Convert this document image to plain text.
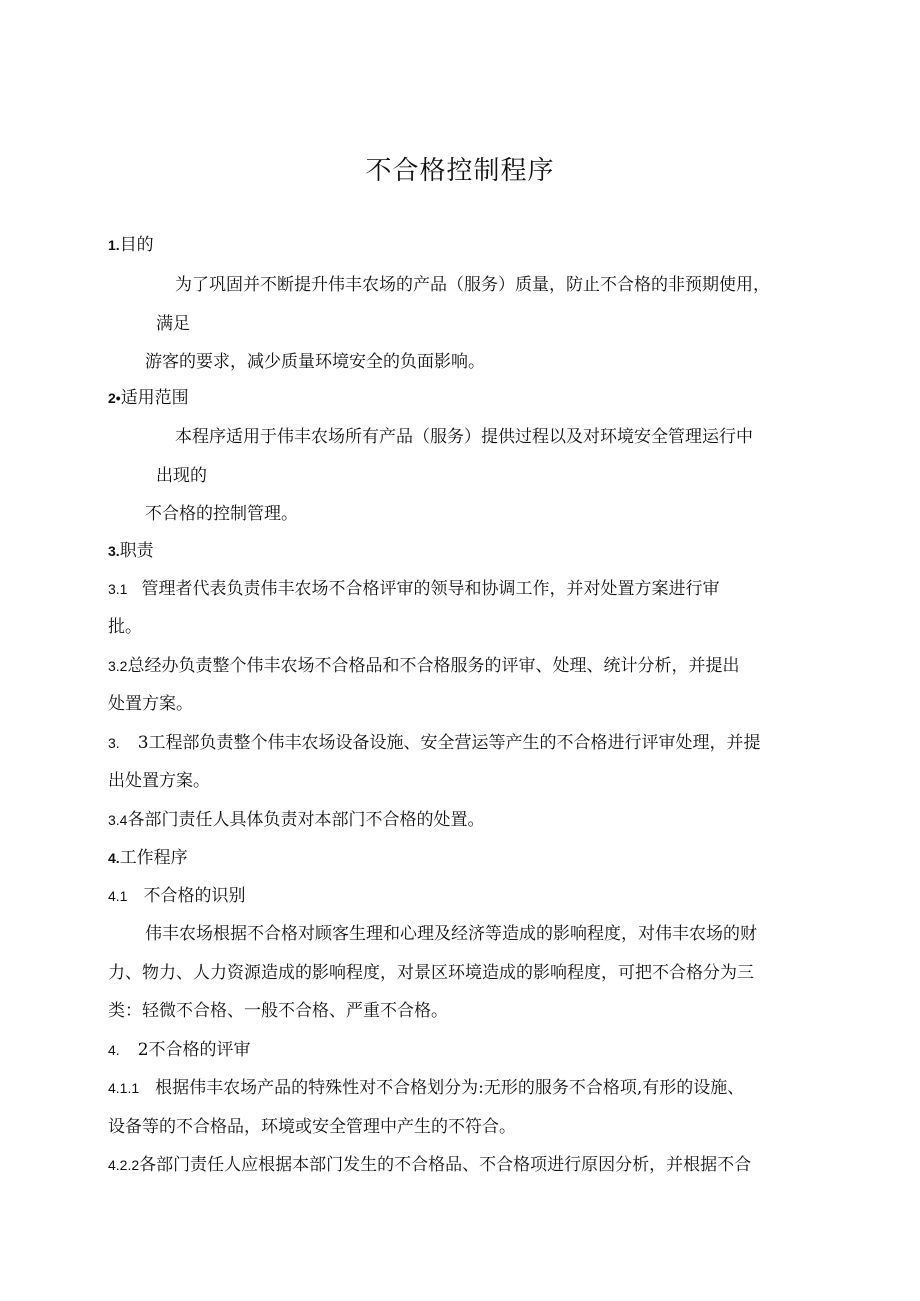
不合格控制程序
1.目的
为了巩固并不断提升伟丰农场的产品（服务）质量，防止不合格的非预期使用，
满足
游客的要求，减少质量环境安全的负面影响。
2•适用范围
本程序适用于伟丰农场所有产品（服务）提供过程以及对环境安全管理运行中
出现的
不合格的控制管理。
3.职责
3.1 管理者代表负责伟丰农场不合格评审的领导和协调工作，并对处置方案进行审
批。
3.2总经办负责整个伟丰农场不合格品和不合格服务的评审、处理、统计分析，并提出
处置方案。
3. 3工程部负责整个伟丰农场设备设施、安全营运等产生的不合格进行评审处理，并提
出处置方案。
3.4各部门责任人具体负责对本部门不合格的处置。
4.工作程序
4.1 不合格的识别
伟丰农场根据不合格对顾客生理和心理及经济等造成的影响程度，对伟丰农场的财
力、物力、人力资源造成的影响程度，对景区环境造成的影响程度，可把不合格分为三
类：轻微不合格、一般不合格、严重不合格。
4. 2不合格的评审
4.1.1 根据伟丰农场产品的特殊性对不合格划分为:无形的服务不合格项,有形的设施、
设备等的不合格品，环境或安全管理中产生的不符合。
4.2.2各部门责任人应根据本部门发生的不合格品、不合格项进行原因分析，并根据不合
